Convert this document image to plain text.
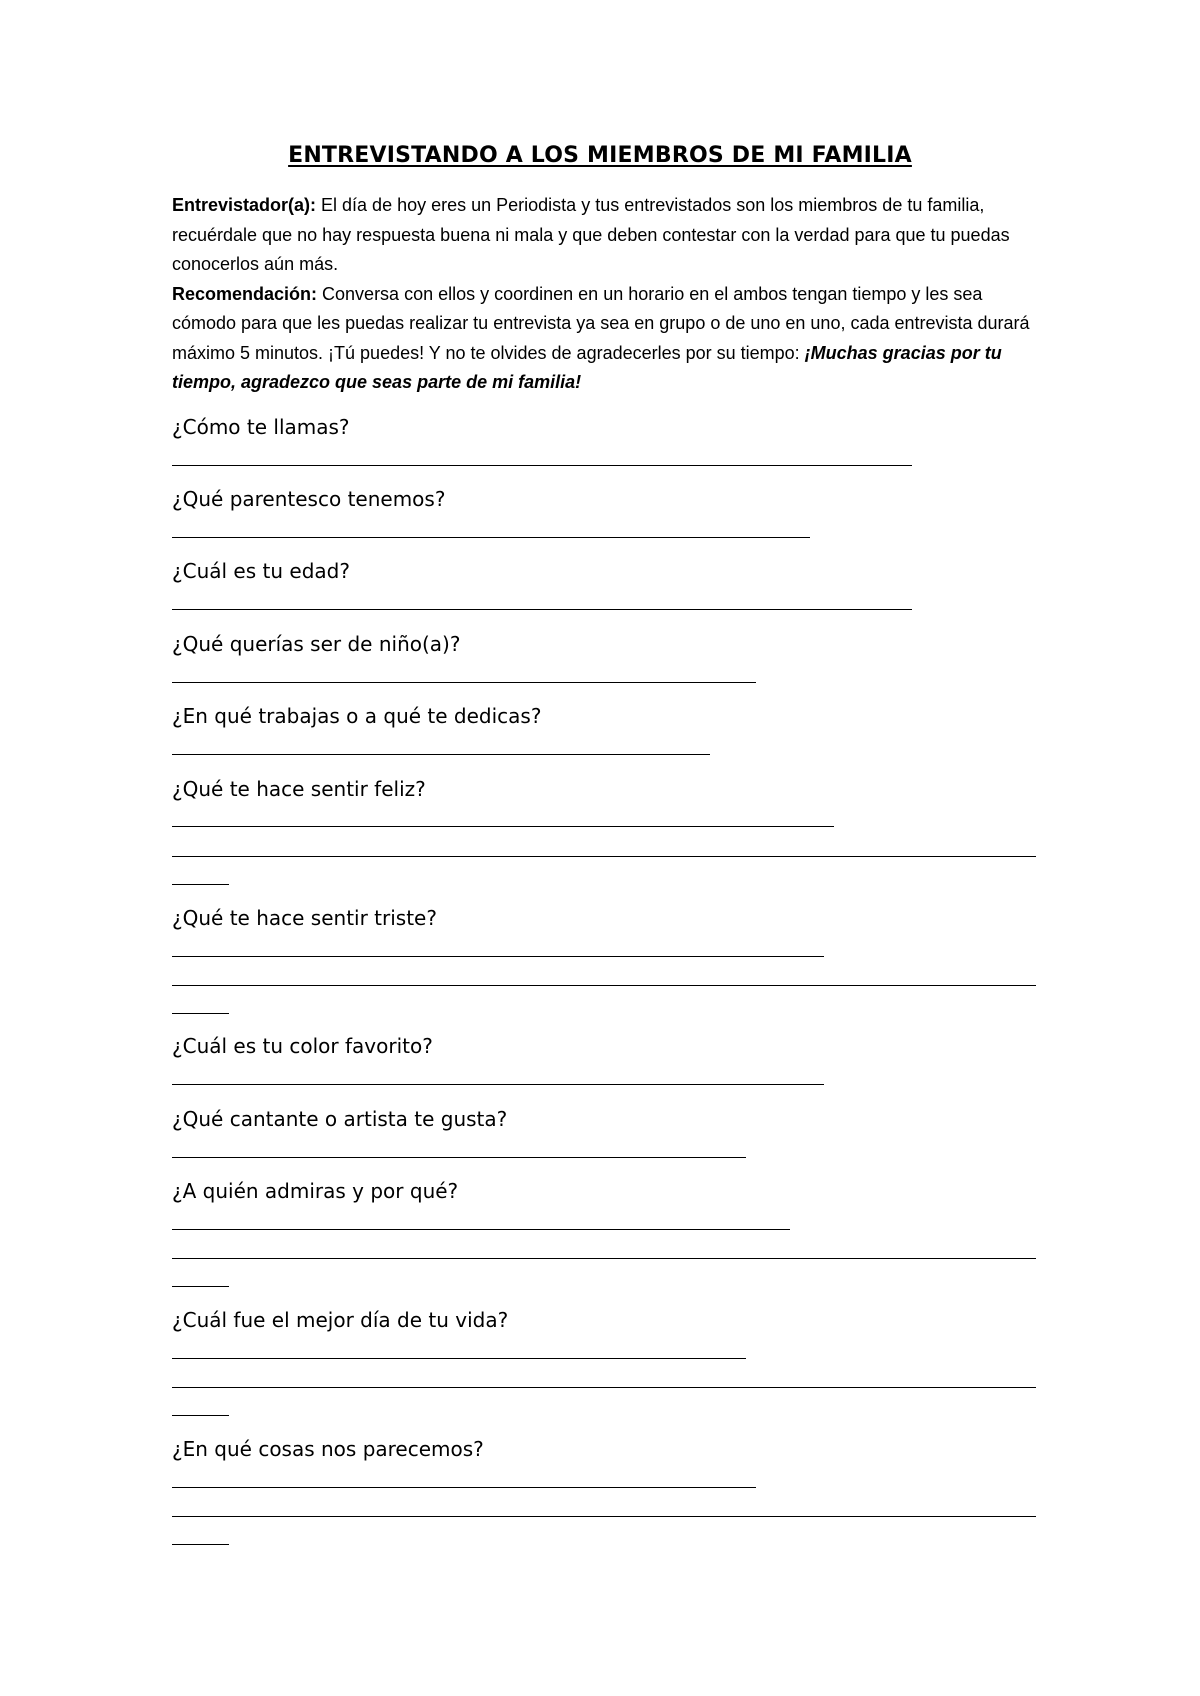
ENTREVISTANDO A LOS MIEMBROS DE MI FAMILIA

Entrevistador(a): El día de hoy eres un Periodista y tus entrevistados son los miembros de tu familia, recuérdale que no hay respuesta buena ni mala y que deben contestar con la verdad para que tu puedas conocerlos aún más.

Recomendación: Conversa con ellos y coordinen en un horario en el ambos tengan tiempo y les sea cómodo para que les puedas realizar tu entrevista ya sea en grupo o de uno en uno, cada entrevista durará máximo 5 minutos. ¡Tú puedes! Y no te olvides de agradecerles por su tiempo: ¡Muchas gracias por tu tiempo, agradezco que seas parte de mi familia!

¿Cómo te llamas?
¿Qué parentesco tenemos?
¿Cuál es tu edad?
¿Qué querías ser de niño(a)?
¿En qué trabajas o a qué te dedicas?
¿Qué te hace sentir feliz?
¿Qué te hace sentir triste?
¿Cuál es tu color favorito?
¿Qué cantante o artista te gusta?
¿A quién admiras y por qué?
¿Cuál fue el mejor día de tu vida?
¿En qué cosas nos parecemos?
